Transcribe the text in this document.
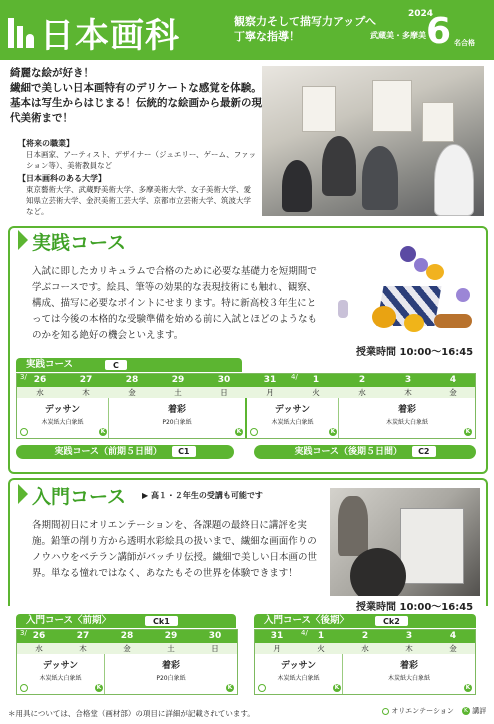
日本画科	観察力そして描写力アップへ
丁寧な指導！
2024
武蔵美・多摩美 6 名合格
綺麗な絵が好き！
繊細で美しい日本画特有のデリケートな感覚を体験。
基本は写生からはじまる！伝統的な絵画から最新の現代美術まで！
【将来の職業】
日本画家、アーティスト、デザイナー（ジュエリー、ゲーム、ファッション等）、美術教員など
【日本画科のある大学】
東京藝術大学、武蔵野美術大学、多摩美術大学、女子美術大学、愛知県立芸術大学、金沢美術工芸大学、京都市立芸術大学、筑波大学など。
実践コース
入試に即したカリキュラムで合格のために必要な基礎力を短期間で学ぶコースです。絵具、筆等の効果的な表現技術にも触れ、観察、構成、描写に必要なポイントにせまります。特に新高校３年生にとっては今後の本格的な受験準備を始める前に入試とほどのようなものかを知る絶好の機会といえます。
授業時間 10:00〜16:45
実践コース	C
3/	4/
26	27	28	29	30	31	1	2	3	4
水	木	金	土	日	月	火	水	木	金
デッサン
木炭紙大白象紙
着彩
P20白象紙
デッサン
木炭紙大白象紙
着彩
木炭紙大白象紙
K	K	K	K
実践コース（前期５日間） C1	実践コース（後期５日間） C2
入門コース ▶ 高１・２年生の受講も可能です
各期間初日にオリエンテーションを、各課題の最終日に講評を実施。鉛筆の削り方から透明水彩絵具の扱いまで、繊細な画面作りのノウハウをベテラン講師がバッチリ伝授。繊細で美しい日本画の世界。単なる憧れではなく、あなたもその世界を体験できます！
授業時間 10:00〜16:45
入門コース〈前期〉	Ck1
3/ 26	27	28	29	30
水	木	金	土	日
デッサン
木炭紙大白象紙
着彩
P20白象紙
K	K
入門コース〈後期〉	Ck2
4/
31	1	2	3	4
月	火	水	木	金
デッサン
木炭紙大白象紙
着彩
木炭紙大白象紙
K	K
＊用具については、合格堂（画材部）の項目に詳細が記載されています。	オリエンテーション	K 講評
